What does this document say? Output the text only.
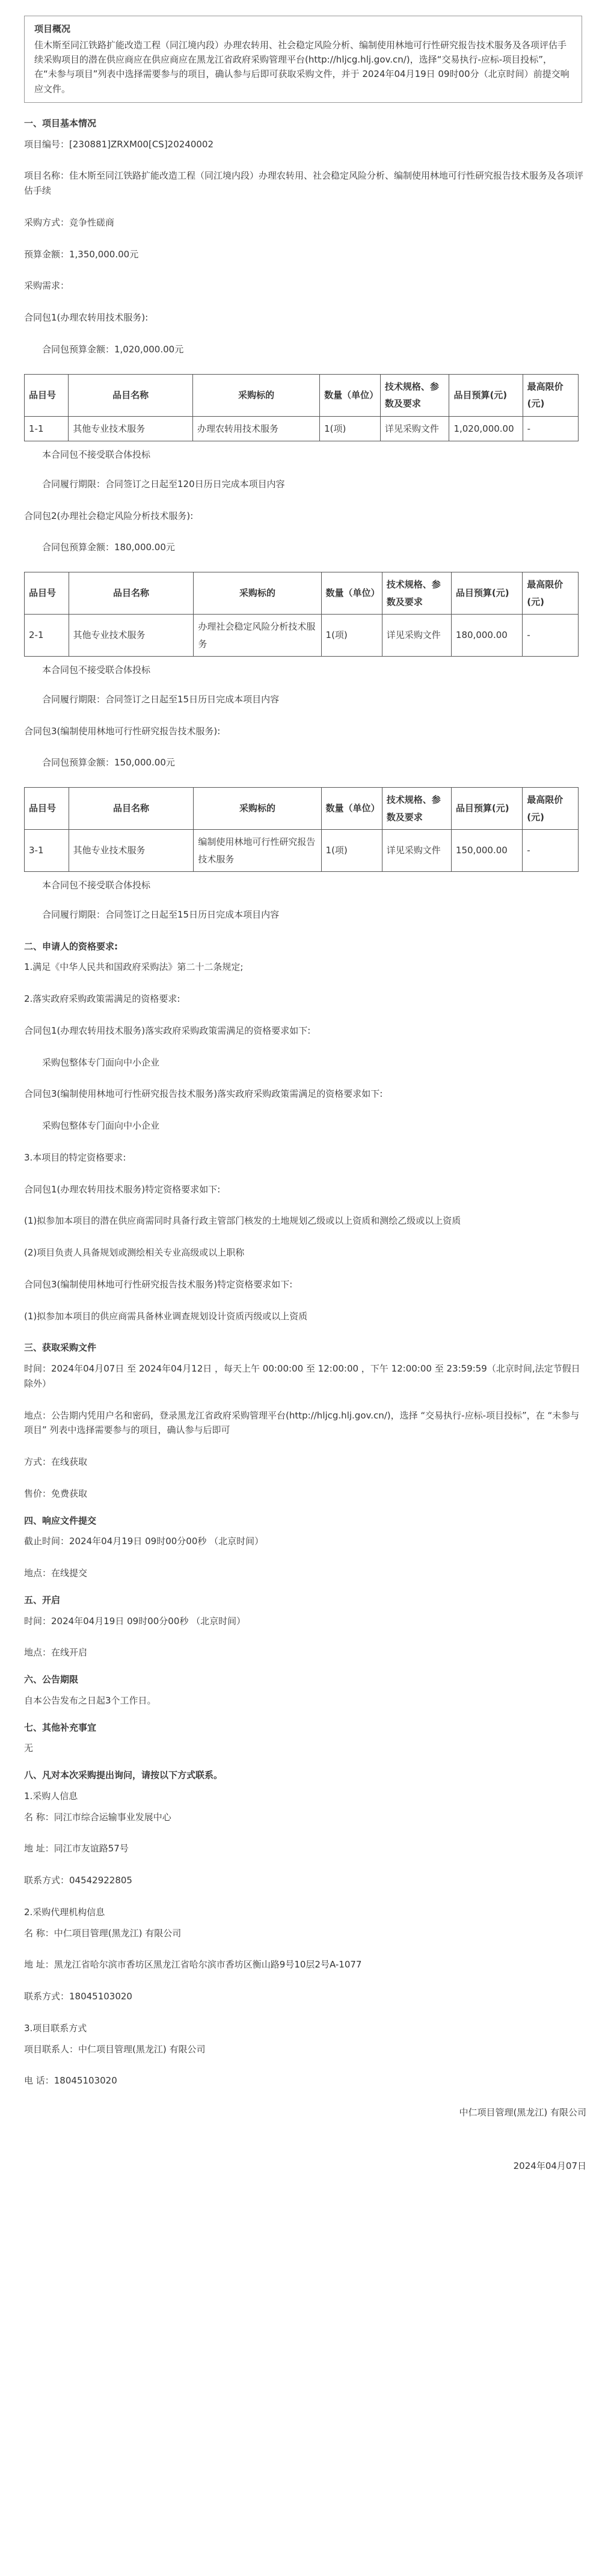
项目概况

佳木斯至同江铁路扩能改造工程（同江境内段）办理农转用、社会稳定风险分析、编制使用林地可行性研究报告技术服务及各项评估手续采购项目的潜在供应商应在供应商应在黑龙江省政府采购管理平台(http://hljcg.hlj.gov.cn/)，选择“交易执行-应标-项目投标”，在“未参与项目”列表中选择需要参与的项目，确认参与后即可获取采购文件，并于 2024年04月19日 09时00分（北京时间）前提交响应文件。

一、项目基本情况

项目编号：[230881]ZRXM00[CS]20240002

项目名称：佳木斯至同江铁路扩能改造工程（同江境内段）办理农转用、社会稳定风险分析、编制使用林地可行性研究报告技术服务及各项评估手续

采购方式：竞争性磋商

预算金额：1,350,000.00元

采购需求：

合同包1(办理农转用技术服务):

合同包预算金额：1,020,000.00元

品目号	品目名称	采购标的	数量（单位）	技术规格、参数及要求	品目预算(元)	最高限价(元)
1-1	其他专业技术服务	办理农转用技术服务	1(项)	详见采购文件	1,020,000.00	-

本合同包不接受联合体投标

合同履行期限：合同签订之日起至120日历日完成本项目内容

合同包2(办理社会稳定风险分析技术服务):

合同包预算金额：180,000.00元

品目号	品目名称	采购标的	数量（单位）	技术规格、参数及要求	品目预算(元)	最高限价(元)
2-1	其他专业技术服务	办理社会稳定风险分析技术服务	1(项)	详见采购文件	180,000.00	-

本合同包不接受联合体投标

合同履行期限：合同签订之日起至15日历日完成本项目内容

合同包3(编制使用林地可行性研究报告技术服务):

合同包预算金额：150,000.00元

品目号	品目名称	采购标的	数量（单位）	技术规格、参数及要求	品目预算(元)	最高限价(元)
3-1	其他专业技术服务	编制使用林地可行性研究报告技术服务	1(项)	详见采购文件	150,000.00	-

本合同包不接受联合体投标

合同履行期限：合同签订之日起至15日历日完成本项目内容

二、申请人的资格要求:

1.满足《中华人民共和国政府采购法》第二十二条规定;

2.落实政府采购政策需满足的资格要求:

合同包1(办理农转用技术服务)落实政府采购政策需满足的资格要求如下:

采购包整体专门面向中小企业

合同包3(编制使用林地可行性研究报告技术服务)落实政府采购政策需满足的资格要求如下:

采购包整体专门面向中小企业

3.本项目的特定资格要求:

合同包1(办理农转用技术服务)特定资格要求如下:

(1)拟参加本项目的潜在供应商需同时具备行政主管部门核发的土地规划乙级或以上资质和测绘乙级或以上资质

(2)项目负责人具备规划或测绘相关专业高级或以上职称

合同包3(编制使用林地可行性研究报告技术服务)特定资格要求如下:

(1)拟参加本项目的供应商需具备林业调查规划设计资质丙级或以上资质

三、获取采购文件

时间：2024年04月07日 至 2024年04月12日 ，每天上午 00:00:00 至 12:00:00 ，下午 12:00:00 至 23:59:59（北京时间,法定节假日除外）

地点：公告期内凭用户名和密码，登录黑龙江省政府采购管理平台(http://hljcg.hlj.gov.cn/)，选择 “交易执行-应标-项目投标”，在 “未参与项目” 列表中选择需要参与的项目，确认参与后即可

方式：在线获取

售价：免费获取

四、响应文件提交

截止时间：2024年04月19日 09时00分00秒 （北京时间）

地点：在线提交

五、开启

时间：2024年04月19日 09时00分00秒 （北京时间）

地点：在线开启

六、公告期限

自本公告发布之日起3个工作日。

七、其他补充事宜

无

八、凡对本次采购提出询问，请按以下方式联系。

1.采购人信息

名 称：同江市综合运输事业发展中心

地 址：同江市友谊路57号

联系方式：04542922805

2.采购代理机构信息

名 称：中仁项目管理(黑龙江) 有限公司

地 址：黑龙江省哈尔滨市香坊区黑龙江省哈尔滨市香坊区衡山路9号10层2号A-1077

联系方式：18045103020

3.项目联系方式

项目联系人：中仁项目管理(黑龙江) 有限公司

电 话：18045103020

中仁项目管理(黑龙江) 有限公司

2024年04月07日
